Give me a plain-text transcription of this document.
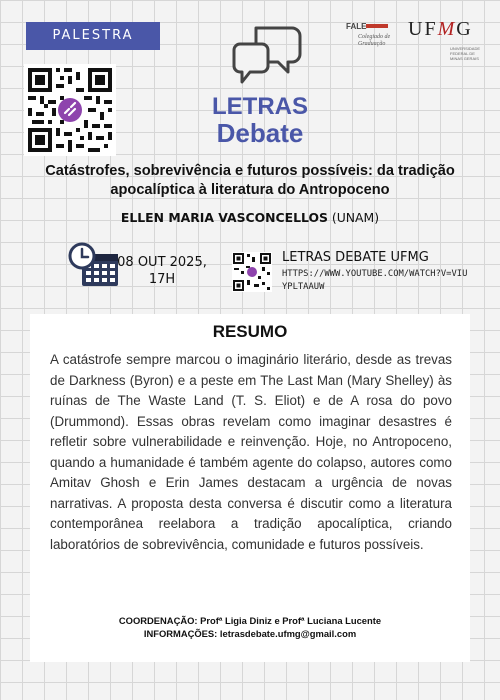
PALESTRA
FALE
Colegiado de Graduação
UFMG
UNIVERSIDADE FEDERAL DE MINAS GERAIS
LETRAS
Debate
Catástrofes, sobrevivência e futuros possíveis: da tradição apocalíptica à literatura do Antropoceno
ELLEN MARIA VASCONCELLOS (UNAM)
08 OUT 2025,
17H
LETRAS DEBATE UFMG
HTTPS://WWW.YOUTUBE.COM/WATCH?V=VIUYPLTAAUW
RESUMO

A catástrofe sempre marcou o imaginário literário, desde as trevas de Darkness (Byron) e a peste em The Last Man (Mary Shelley) às ruínas de The Waste Land (T. S. Eliot) e de A rosa do povo (Drummond). Essas obras revelam como imaginar desastres é refletir sobre vulnerabilidade e reinvenção. Hoje, no Antropoceno, quando a humanidade é também agente do colapso, autores como Amitav Ghosh e Erin James destacam a urgência de novas narrativas. A proposta desta conversa é discutir como a literatura contemporânea reelabora a tradição apocalíptica, criando laboratórios de sobrevivência, comunidade e futuros possíveis.

COORDENAÇÃO: Profª Ligia Diniz e Profª Luciana Lucente
INFORMAÇÕES: letrasdebate.ufmg@gmail.com
